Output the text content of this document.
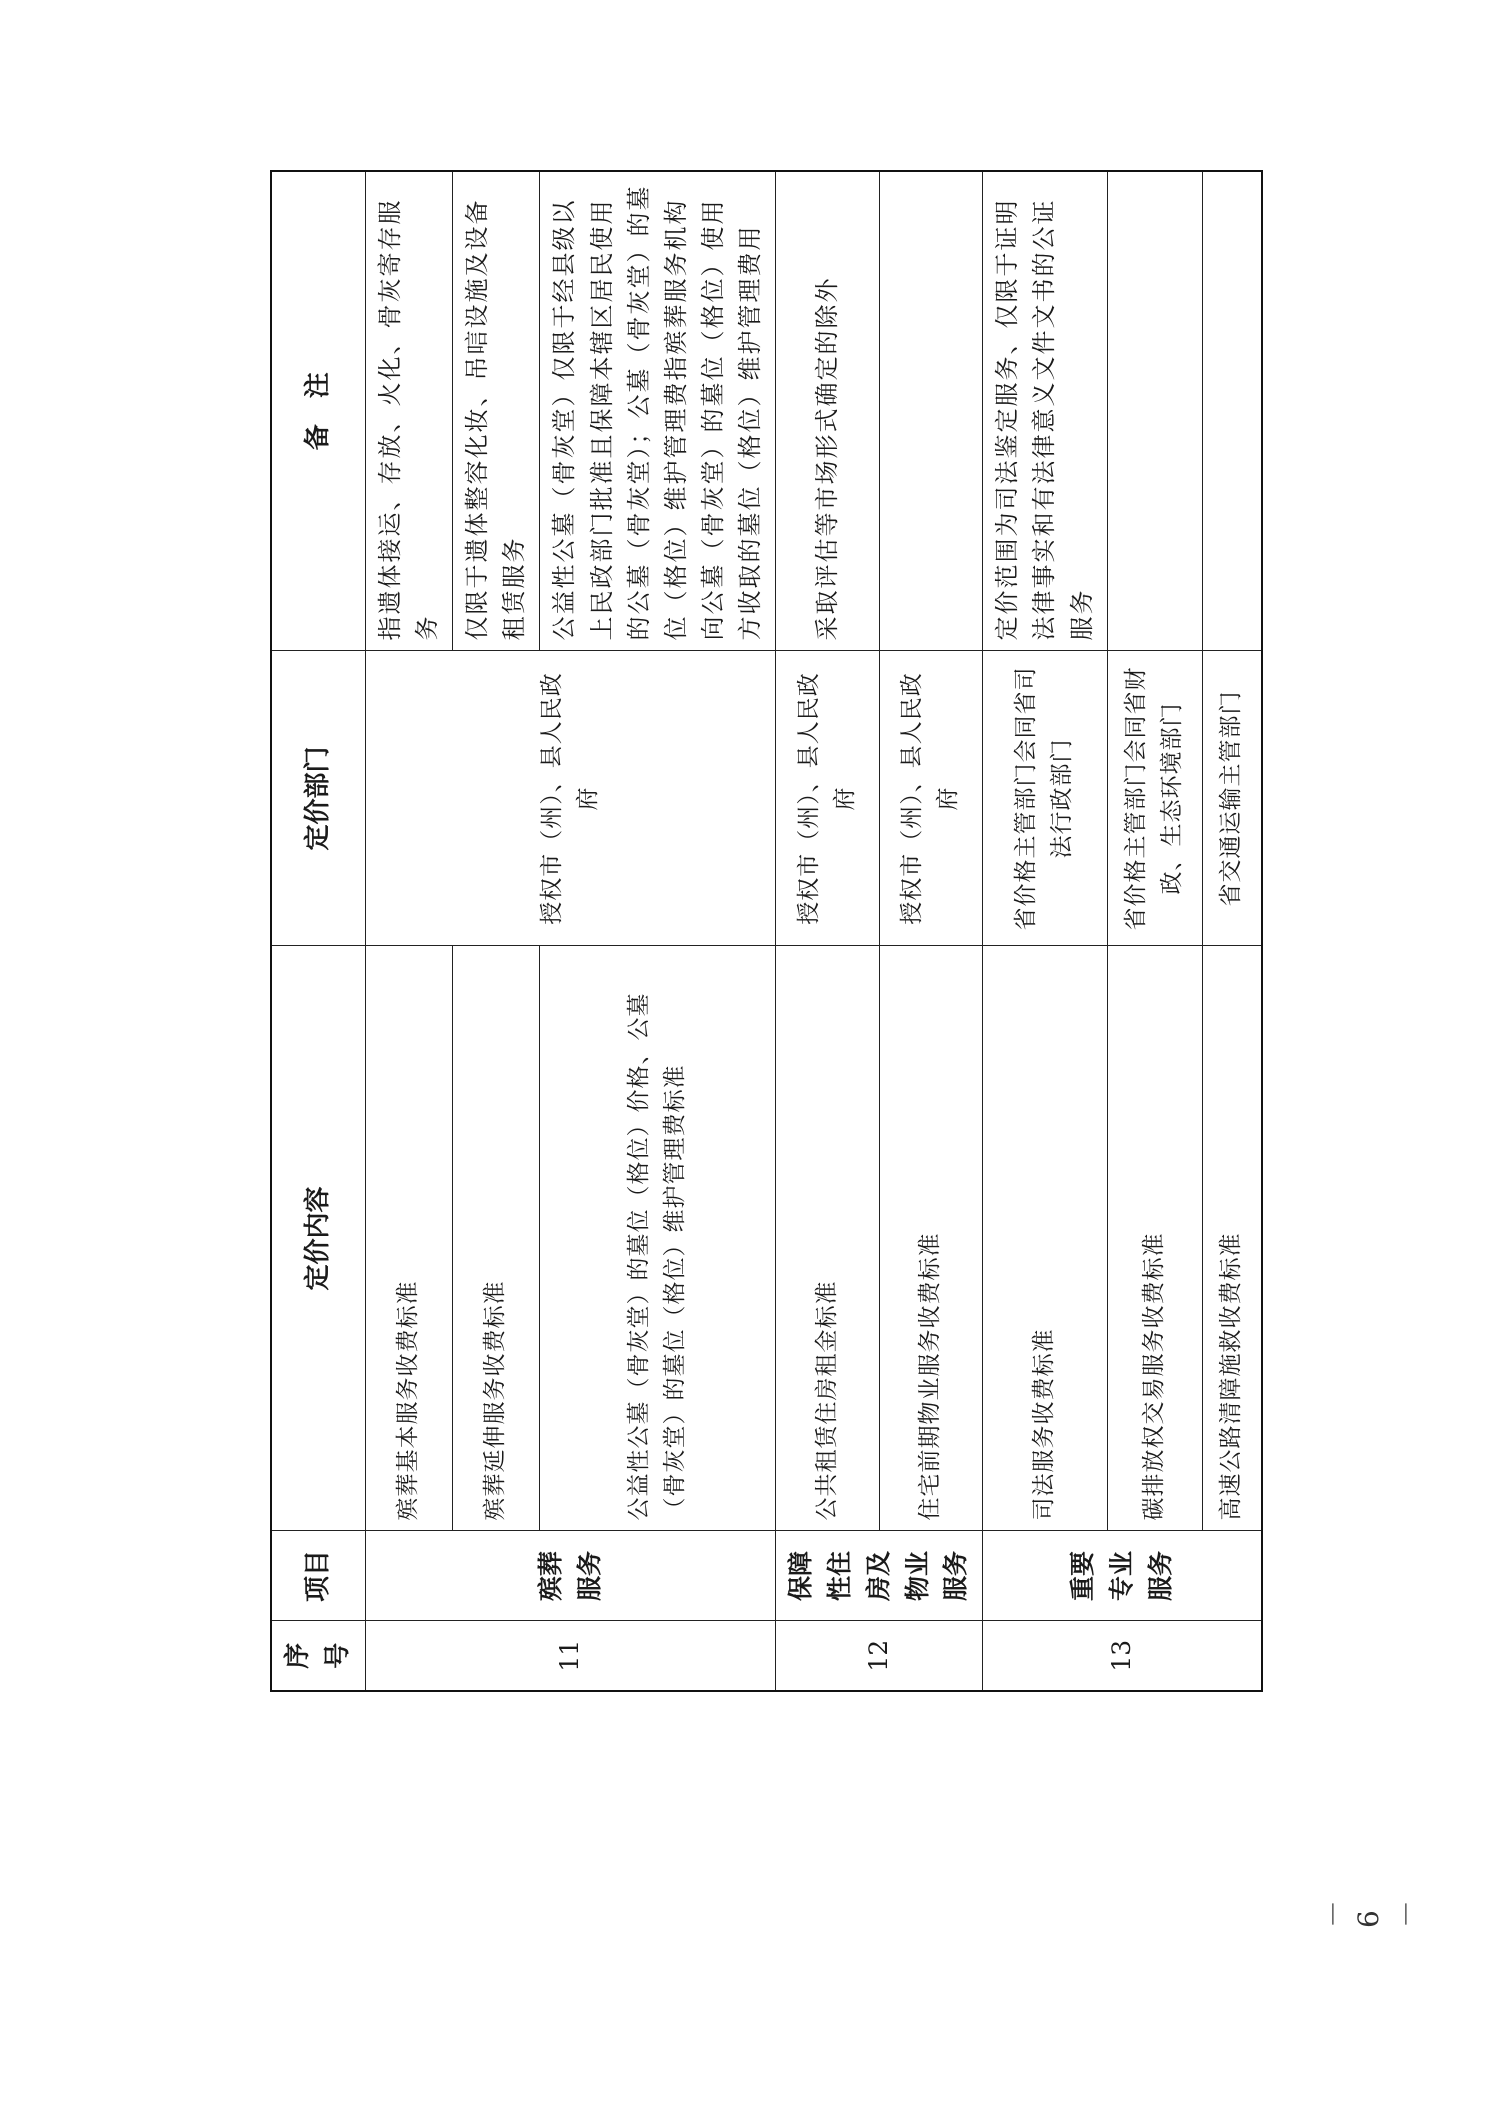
序号	项目	定价内容	定价部门	备　注
11	殡葬服务	殡葬基本服务收费标准	授权市（州）、县人民政府	指遗体接运、存放、火化、骨灰寄存服务
		殡葬延伸服务收费标准		仅限于遗体整容化妆、吊唁设施及设备租赁服务
		公益性公墓（骨灰堂）的墓位（格位）价格、公墓（骨灰堂）的墓位（格位）维护管理费标准		公益性公墓（骨灰堂）仅限于经县级以上民政部门批准且保障本辖区居民使用的公墓（骨灰堂）；公墓（骨灰堂）的墓位（格位）维护管理费指殡葬服务机构向公墓（骨灰堂）的墓位（格位）使用方收取的墓位（格位）维护管理费用
12	保障性住房及物业服务	公共租赁住房租金标准	授权市（州）、县人民政府	采取评估等市场形式确定的除外
		住宅前期物业服务收费标准	授权市（州）、县人民政府	
13	重要专业服务	司法服务收费标准	省价格主管部门会同省司法行政部门	定价范围为司法鉴定服务、仅限于证明法律事实和有法律意义文件文书的公证服务
		碳排放权交易服务收费标准	省价格主管部门会同省财政、生态环境部门	
		高速公路清障施救收费标准	省交通运输主管部门	
－ 6 －
